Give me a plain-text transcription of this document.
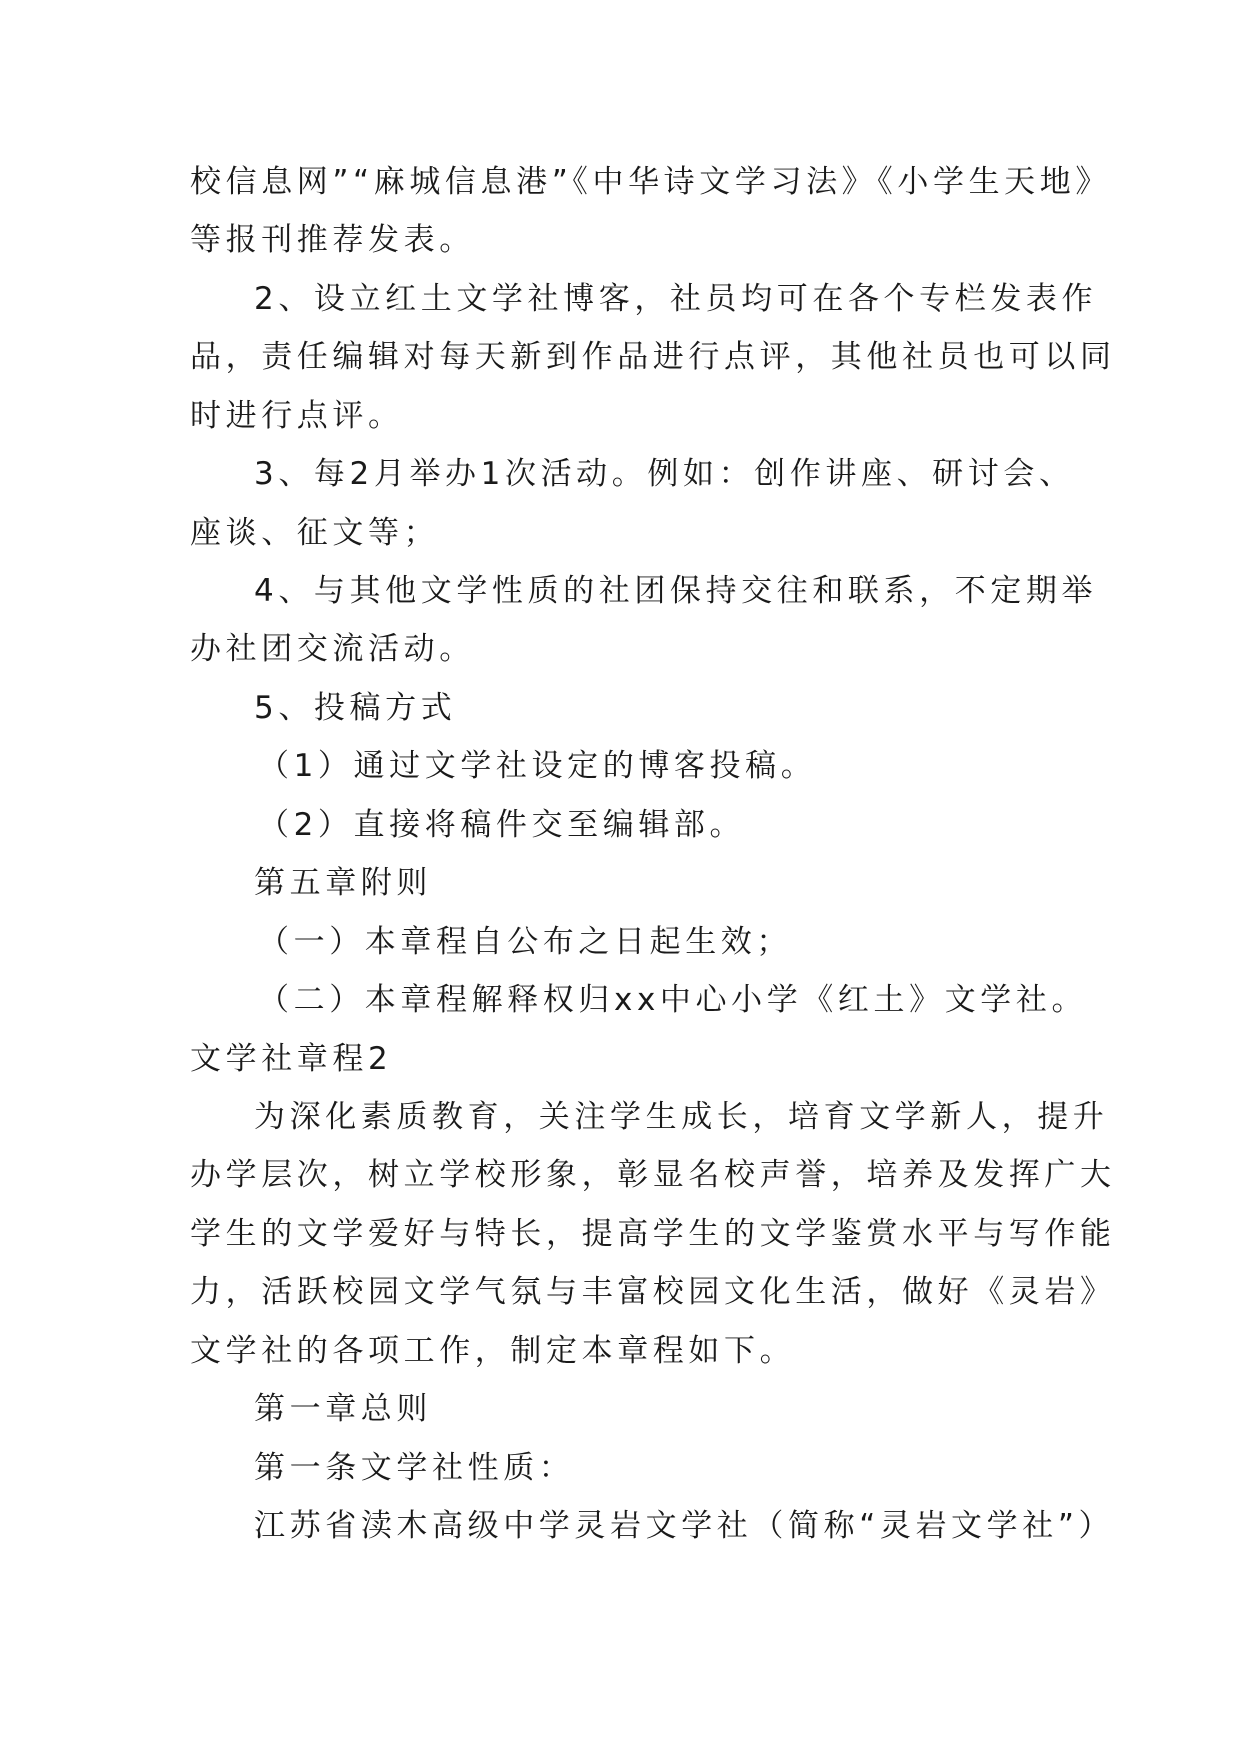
校信息网”“麻城信息港”《中华诗文学习法》《小学生天地》
等报刊推荐发表。
2、设立红土文学社博客，社员均可在各个专栏发表作
品，责任编辑对每天新到作品进行点评，其他社员也可以同
时进行点评。
3、每2月举办1次活动。例如：创作讲座、研讨会、
座谈、征文等；
4、与其他文学性质的社团保持交往和联系，不定期举
办社团交流活动。
5、投稿方式
（1）通过文学社设定的博客投稿。
（2）直接将稿件交至编辑部。
第五章附则
（一）本章程自公布之日起生效；
（二）本章程解释权归xx中心小学《红土》文学社。
文学社章程2
为深化素质教育，关注学生成长，培育文学新人，提升
办学层次，树立学校形象，彰显名校声誉，培养及发挥广大
学生的文学爱好与特长，提高学生的文学鉴赏水平与写作能
力，活跃校园文学气氛与丰富校园文化生活，做好《灵岩》
文学社的各项工作，制定本章程如下。
第一章总则
第一条文学社性质：
江苏省渎木高级中学灵岩文学社（简称“灵岩文学社”）
